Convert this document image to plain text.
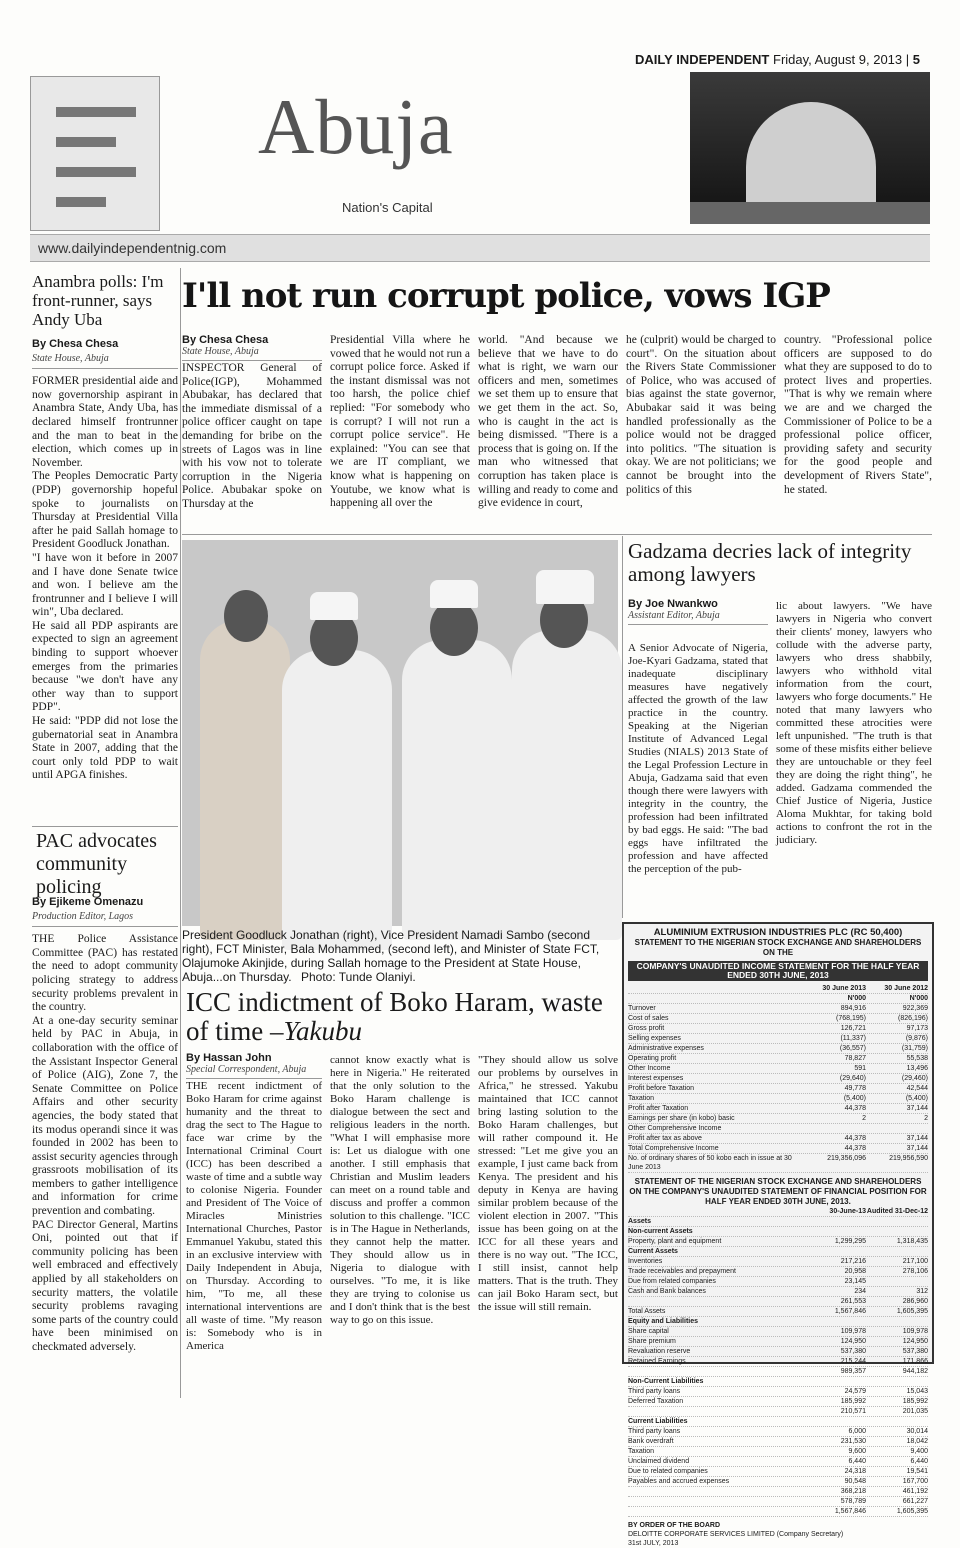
DAILY INDEPENDENT Friday, August 9, 2013 | 5
Abuja
Nation's Capital
www.dailyindependentnig.com
Anambra polls: I'm front-runner, says Andy Uba
By Chesa Chesa
State House, Abuja

FORMER presidential aide and now governorship aspirant in Anambra State, Andy Uba, has declared himself frontrunner and the man to beat in the election, which comes up in November.

The Peoples Democratic Party (PDP) governorship hopeful spoke to journalists on Thursday at Presidential Villa after he paid Sallah homage to President Goodluck Jonathan.

"I have won it before in 2007 and I have done Senate twice and won. I believe am the frontrunner and I believe I will win", Uba declared.

He said all PDP aspirants are expected to sign an agreement binding to support whoever emerges from the primaries because "we don't have any other way than to support PDP".

He said: "PDP did not lose the gubernatorial seat in Anambra State in 2007, adding that the court only told PDP to wait until APGA finishes.

PAC advocates community policing
By Ejikeme Omenazu
Production Editor, Lagos

THE Police Assistance Committee (PAC) has restated the need to adopt community policing strategy to address security problems prevalent in the country.

At a one-day security seminar held by PAC in Abuja, in collaboration with the office of the Assistant Inspector General of Police (AIG), Zone 7, the Senate Committee on Police Affairs and other security agencies, the body stated that its modus operandi since it was founded in 2002 has been to assist security agencies through grassroots mobilisation of its members to gather intelligence and information for crime prevention and combating.

PAC Director General, Martins Oni, pointed out that if community policing has been well embraced and effectively applied by all stakeholders on security matters, the volatile security problems ravaging some parts of the country could have been minimised on checkmated adversely.

I'll not run corrupt police, vows IGP
By Chesa Chesa
State House, Abuja
INSPECTOR General of Police(IGP), Mohammed Abubakar, has declared that the immediate dismissal of a police officer caught on tape demanding for bribe on the streets of Lagos was in line with his vow not to tolerate corruption in the Nigeria Police. Abubakar spoke on Thursday at the
Presidential Villa where he vowed that he would not run a corrupt police force. Asked if the instant dismissal was not too harsh, the police chief replied: "For somebody who is corrupt? I will not run a corrupt police service". He explained: "You can see that we are IT compliant, we know what is happening on Youtube, we know what is happening all over the
world. "And because we believe that we have to do what is right, we warn our officers and men, sometimes we set them up to ensure that we get them in the act. So, who is caught in the act is being dismissed. "There is a process that is going on. If the man who witnessed that corruption has taken place is willing and ready to come and give evidence in court,
he (culprit) would be charged to court". On the situation about the Rivers State Commissioner of Police, who was accused of bias against the state governor, Abubakar said it was being handled professionally as the police would not be dragged into politics. "The situation is okay. We are not politicians; we cannot be brought into the politics of this
country. "Professional police officers are supposed to do what they are supposed to do to protect lives and properties. "That is why we remain where we are and we charged the Commissioner of Police to be a professional police officer, providing safety and security for the good people and development of Rivers State", he stated.
President Goodluck Jonathan (right), Vice President Namadi Sambo (second right), FCT Minister, Bala Mohammed, (second left), and Minister of State FCT, Olajumoke Akinjide, during Sallah homage to the President at State House, Abuja...on Thursday. Photo: Tunde Olaniyi.
Gadzama decries lack of integrity among lawyers
By Joe Nwankwo
Assistant Editor, Abuja
A Senior Advocate of Nigeria, Joe-Kyari Gadzama, stated that inadequate disciplinary measures have negatively affected the growth of the law practice in the country. Speaking at the Nigerian Institute of Advanced Legal Studies (NIALS) 2013 State of the Legal Profession Lecture in Abuja, Gadzama said that even though there were lawyers with integrity in the country, the profession had been infiltrated by bad eggs. He said: "The bad eggs have infiltrated the profession and have affected the perception of the pub-
lic about lawyers. "We have lawyers in Nigeria who convert their clients' money, lawyers who collude with the adverse party, lawyers who dress shabbily, lawyers who withhold vital information from the court, lawyers who forge documents." He noted that many lawyers who committed these atrocities were left unpunished. "The truth is that some of these misfits either believe they are untouchable or they feel they are doing the right thing", he added. Gadzama commended the Chief Justice of Nigeria, Justice Aloma Mukhtar, for taking bold actions to confront the rot in the judiciary.
ICC indictment of Boko Haram, waste of time –Yakubu
By Hassan John
Special Correspondent, Abuja
THE recent indictment of Boko Haram for crime against humanity and the threat to drag the sect to The Hague to face war crime by the International Criminal Court (ICC) has been described a waste of time and a subtle way to colonise Nigeria. Founder and President of The Voice of Miracles Ministries International Churches, Pastor Emmanuel Yakubu, stated this in an exclusive interview with Daily Independent in Abuja, on Thursday. According to him, "To me, all these international interventions are all waste of time. "My reason is: Somebody who is in America
cannot know exactly what is here in Nigeria." He reiterated that the only solution to the Boko Haram challenge is dialogue between the sect and religious leaders in the north. "What I will emphasise more is: Let us dialogue with one another. I still emphasis that Christian and Muslim leaders can meet on a round table and discuss and proffer a common solution to this challenge. "ICC is in The Hague in Netherlands, they cannot help the matter. They should allow us in Nigeria to dialogue with ourselves. "To me, it is like they are trying to colonise us and I don't think that is the best way to go on this issue.
"They should allow us solve our problems by ourselves in Africa," he stressed. Yakubu maintained that ICC cannot bring lasting solution to the Boko Haram challenges, but will rather compound it. He stressed: "Let me give you an example, I just came back from Kenya. The president and his deputy in Kenya are having similar problem because of the violent election in 2007. "This issue has been going on at the ICC for all these years and there is no way out. "The ICC, I still insist, cannot help matters. That is the truth. They can jail Boko Haram sect, but the issue will still remain.
ALUMINIUM EXTRUSION INDUSTRIES PLC (RC 50,400)
STATEMENT TO THE NIGERIAN STOCK EXCHANGE AND SHAREHOLDERS ON THE
COMPANY'S UNAUDITED INCOME STATEMENT FOR THE HALF YEAR ENDED 30TH JUNE, 2013
30 June 2013	30 June 2012
N'000	N'000
Turnover	894,916	922,369
Cost of sales	(768,195)	(826,196)
Gross profit	126,721	97,173
Selling expenses	(11,337)	(9,876)
Administrative expenses	(36,557)	(31,759)
Operating profit	78,827	55,538
Other Income	591	13,496
Interest expenses	(29,640)	(29,460)
Profit before Taxation	49,778	42,544
Taxation	(5,400)	(5,400)
Profit after Taxation	44,378	37,144
Earnings per share (in kobo) basic	2	2
Other Comprehensive Income
Profit after tax as above	44,378	37,144
Total Comprehensive Income	44,378	37,144
No. of ordinary shares of 50 kobo each in issue at 30 June 2013
219,356,096	219,956,590
STATEMENT OF THE NIGERIAN STOCK EXCHANGE AND SHAREHOLDERS ON THE COMPANY'S UNAUDITED STATEMENT OF FINANCIAL POSITION FOR HALF YEAR ENDED 30TH JUNE, 2013.
30-June-13 Audited 31-Dec-12
Assets
Non-current Assets
Property, plant and equipment	1,299,295	1,318,435
Current Assets
Inventories	217,216	217,100
Trade receivables and prepayment	20,958	278,106
Due from related companies	23,145
Cash and Bank balances	234	312
261,553	286,960
Total Assets	1,567,846	1,605,395
Equity and Liabilities
Share capital	109,978	109,978
Share premium	124,950	124,950
Revaluation reserve	537,380	537,380
Retained Earnings	215,244	171,866
989,357	944,182
Non-Current Liabilities
Third party loans	24,579	15,043
Deferred Taxation	185,992	185,992
210,571	201,035
Current Liabilities
Third party loans	6,000	30,014
Bank overdraft	231,530	18,042
Taxation	9,600	9,400
Unclaimed dividend	6,440	6,440
Due to related companies	24,318	19,541
Payables and accrued expenses	90,548	167,700
368,218	461,192
578,789	661,227
1,567,846	1,605,395
BY ORDER OF THE BOARD
DELOITTE CORPORATE SERVICES LIMITED (Company Secretary)
31st JULY, 2013
